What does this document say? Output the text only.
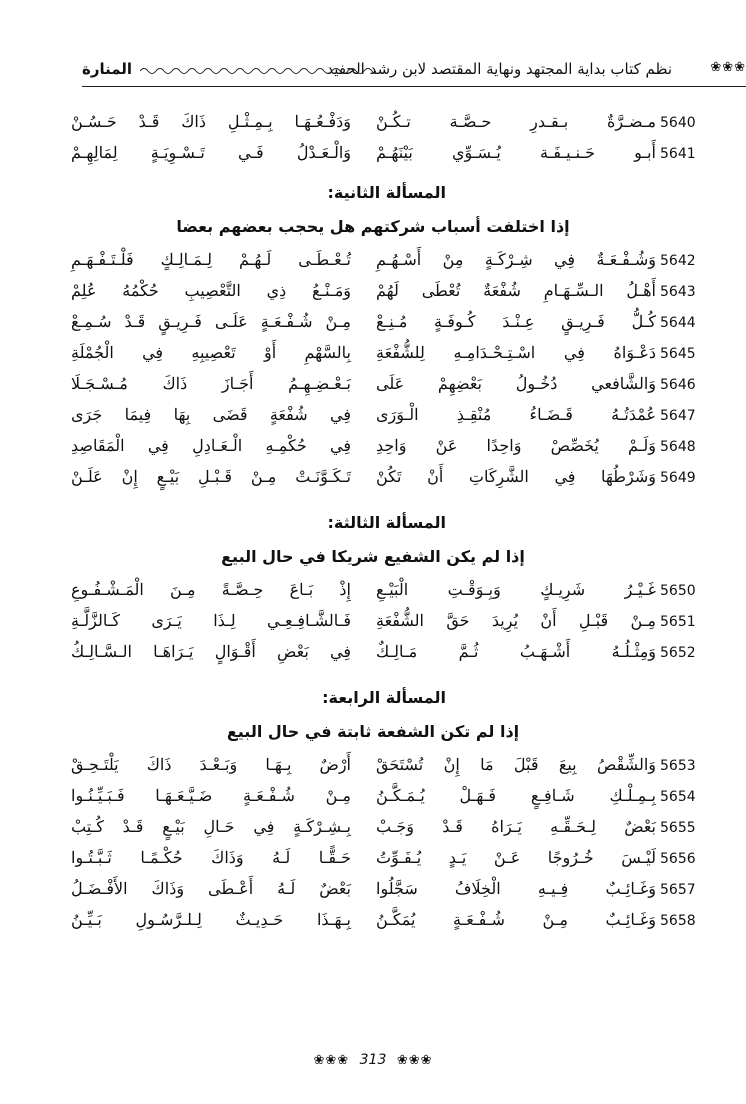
❀❀❀
نظم كتاب بداية المجتهد ونهاية المقتصد لابن رشد الحفيد
المنارة
5640
مـضـرَّةٌ بـقـدرِ حـصَّـة تـكُـنْ
وَدَفْـعُـهَـا بِـمِـثْـلِ ذَاكَ قَـدْ حَـسُـنْ
5641
أَبـو حَـنـيـفَـة يُـسَـوِّي بَيْنَهُـمْ
وَالْـعَـدْلُ فَـي تَـسْـوِيَـةٍ لِمَالِهِـمْ
المسألة الثانية:
إذا اختلفت أسباب شركتهم هل يحجب بعضهم بعضا
5642
وَشُـفْـعَـةٌ فِي شِـرْكَـةٍ مِنْ أَسْـهُـمِ
تُـعْـطَـى لَـهُـمْ لِـمَـالِـكٍ فَلْـتَـفْـهَـمِ
5643
أَهْـلُ الـسِّـهَـامِ شُفْعَةٌ تُعْطَى لَهُمْ
وَمَـنْـعُ ذِي التَّعْصِيبِ حُكْمُهُ عُلِمْ
5644
كُـلُّ فَـرِيـقٍ عِـنْـدَ كُـوفَـةٍ مُـنِـعْ
مِـنْ شُـفْـعَـةٍ عَلَـى فَـرِيـقٍ قَـدْ سُـمِـعْ
5645
دَعْـوَاهُ فِي اسْـتِـحْـدَامِـهِ لِلشُّفْعَةِ
بِالسَّهْمِ أَوْ تَعْصِيبِهِ فِي الْجُمْلَةِ
5646
وَالشَّافعي دُخُـولُ بَعْضِهِمْ عَلَى
بَـعْـضِـهِـمُ أَجَـازَ ذَاكَ مُـسْـجَـلَا
5647
عُمْدَتُـهُ قَـضَـاءُ مُنْقِـذِ الْـوَرَى
فِي شُفْعَةٍ قَضَى بِهَا فِيمَا جَرَى
5648
وَلَـمْ يُخَصِّصْ وَاحِدًا عَنْ وَاحِدِ
فِي حُكْمِـهِ الْـعَـادِلِ فِي الْمَقَاصِدِ
5649
وَشَرْطُهَا فِي الشَّرِكَاتِ أَنْ تَكُنْ
تَـكَـوَّنَـتْ مِـنْ قَـبْـلِ بَيْـعٍ إِنْ عَلَـنْ
المسألة الثالثة:
إذا لم يكن الشفيع شريكا في حال البيع
5650
غَـيْـرُ شَرِيـكٍ وَبِـوَقْـتِ الْبَيْـعِ
إِذْ بَـاعَ حِـصَّـةً مِـنَ الْمَـشْـفُـوعِ
5651
مِـنْ قَبْـلِ أَنْ يُرِيدَ حَقَّ الشُّفْعَةِ
فَـالشَّـافِـعِـي لِـذَا يَـرَى كَـالزَّلَّـةِ
5652
وَمِثْـلُـهُ أَشْـهَـبُ ثُـمَّ مَـالِـكٌ
فِي بَعْضِ أَقْـوَالٍ يَـرَاهَـا الـسَّـالِـكُ
المسألة الرابعة:
إذا لم تكن الشفعة ثابتة في حال البيع
5653
وَالشِّقْصُ بِيعَ قَبْلَ مَا إِنْ تُسْتَحَقْ
أَرْضٌ بِـهَـا وَبَـعْـدَ ذَاكَ يَلْتَـحِـقْ
5654
بِـمِـلْـكِ شَـافِـعٍ فَـهَـلْ يُـمَـكَّـنُ
مِـنْ شُـفْـعَـةٍ ضَـيَّـعَـهَـا فَـبَـيِّـنُـوا
5655
بَعْضٌ لِـحَـقِّـهِ يَـرَاهُ قَـدْ وَجَـبْ
بِـشِـرْكَـةٍ فِي حَـالِ بَيْـعٍ قَـدْ كُـتِبْ
5656
لَيْـسَ خُـرُوجًا عَـنْ يَـدٍ يُـفَـوِّتُ
حَـقًّـا لَـهُ وَذَاكَ حُكْـمًـا ثَـبَّـتُـوا
5657
وَغَـائِـبٌ فِـيـهِ الْخِلَافُ سَجَّلُوا
بَعْضٌ لَـهُ أَعْـطَى وَذَاكَ الأَفْـضَـلُ
5658
وَغَـائِـبٌ مِـنْ شُـفْـعَـةٍ يُمَكَّـنُ
بِـهَـذَا حَـدِيـثٌ لِـلـرَّسُـولِ بَـيِّـنُ
❀❀❀ 313 ❀❀❀
